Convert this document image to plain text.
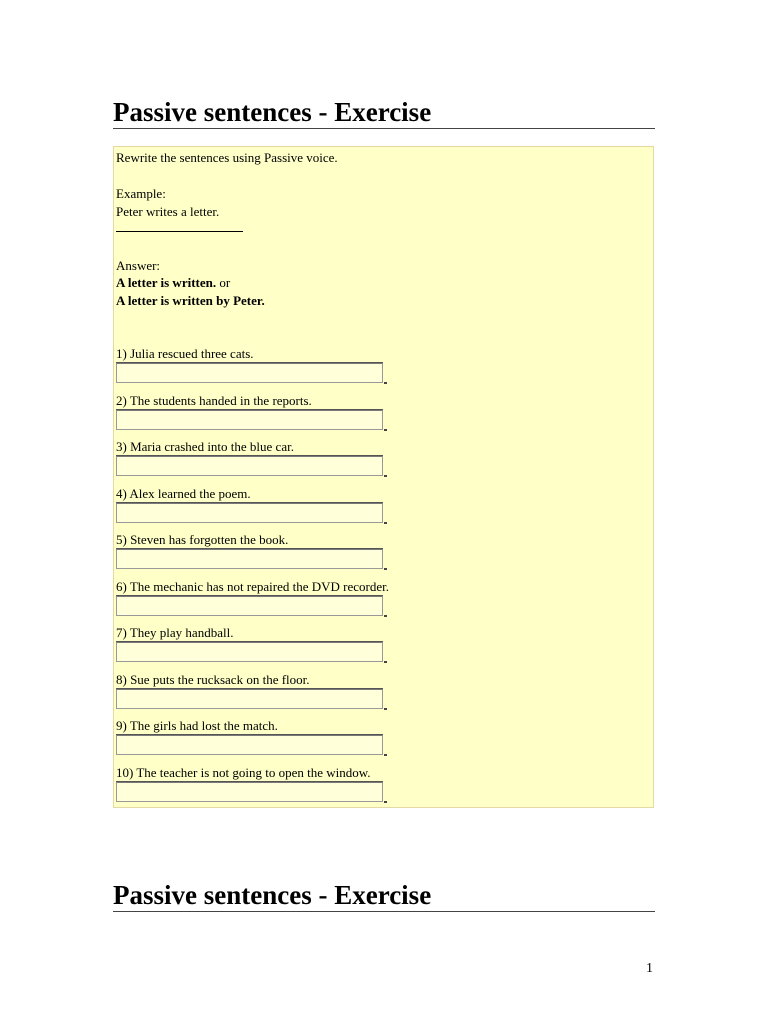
Passive sentences - Exercise
Rewrite the sentences using Passive voice.
Example:
Peter writes a letter.
Answer:
A letter is written. or
A letter is written by Peter.
1) Julia rescued three cats.
2) The students handed in the reports.
3) Maria crashed into the blue car.
4) Alex learned the poem.
5) Steven has forgotten the book.
6) The mechanic has not repaired the DVD recorder.
7) They play handball.
8) Sue puts the rucksack on the floor.
9) The girls had lost the match.
10) The teacher is not going to open the window.
Passive sentences - Exercise
1
